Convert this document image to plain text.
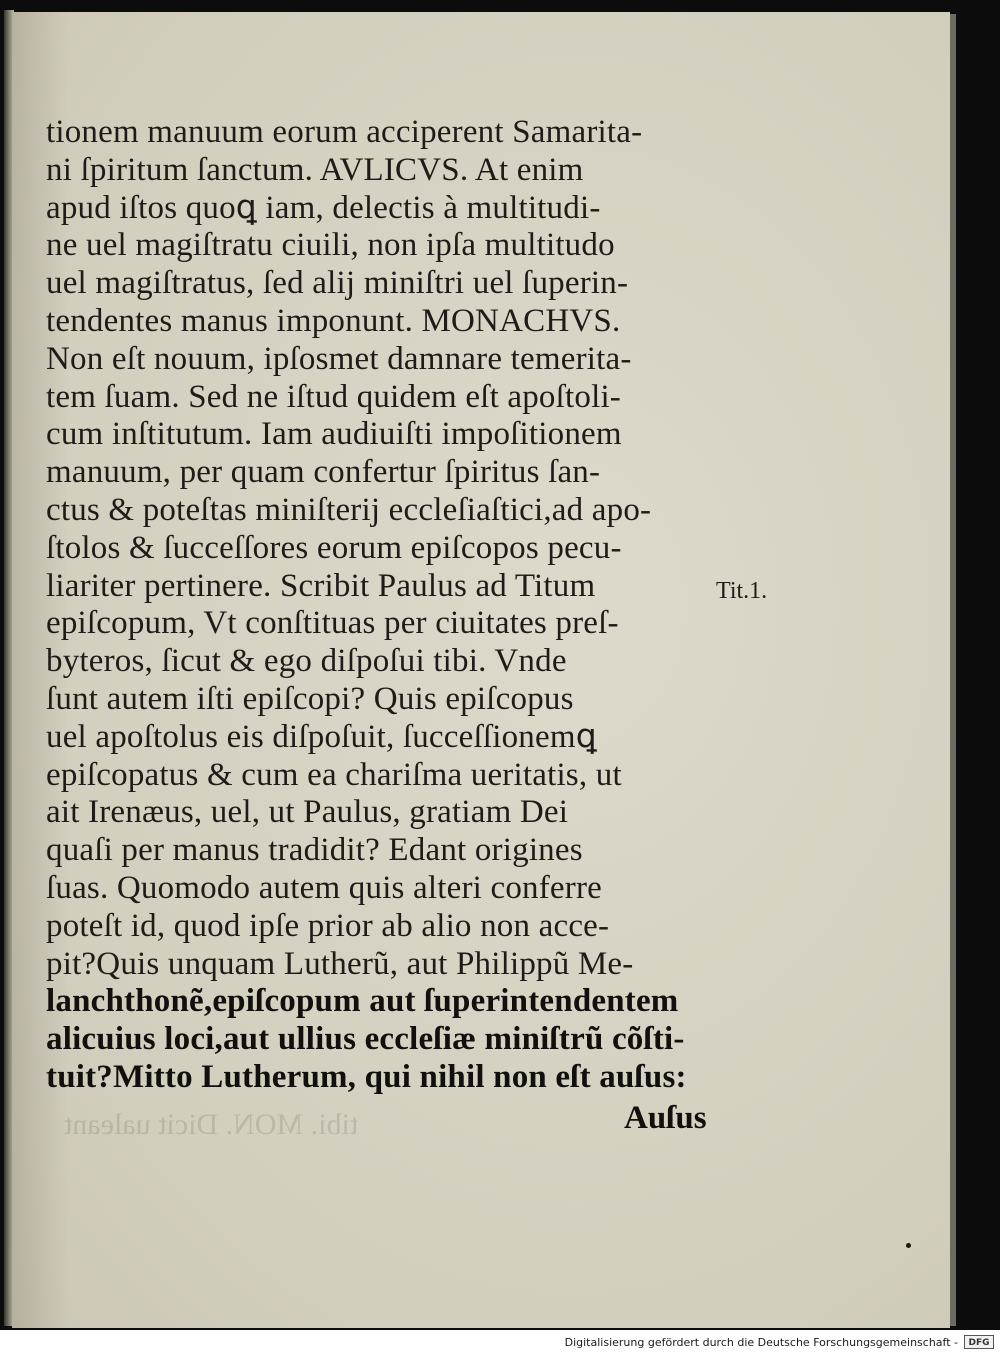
tibi. MON. Dicit ualeant
tionem manuum eorum acciperent Samarita-
ni ſpiritum ſanctum. AVLICVS. At enim
apud iſtos quoꝗ iam, delectis à multitudi-
ne uel magiſtratu ciuili, non ipſa multitudo
uel magiſtratus, ſed alij miniſtri uel ſuperin-
tendentes manus imponunt. MONACHVS.
Non eſt nouum, ipſosmet damnare temerita-
tem ſuam. Sed ne iſtud quidem eſt apoſtoli-
cum inſtitutum. Iam audiuiſti impoſitionem
manuum, per quam confertur ſpiritus ſan-
ctus & poteſtas miniſterij eccleſiaſtici,ad apo-
ſtolos & ſucceſſores eorum epiſcopos pecu-
liariter pertinere. Scribit Paulus ad Titum
epiſcopum, Vt conſtituas per ciuitates preſ-
byteros, ſicut & ego diſpoſui tibi. Vnde
ſunt autem iſti epiſcopi? Quis epiſcopus
uel apoſtolus eis diſpoſuit, ſucceſſionemꝗ
epiſcopatus & cum ea chariſma ueritatis, ut
ait Irenæus, uel, ut Paulus, gratiam Dei
quaſi per manus tradidit? Edant origines
ſuas. Quomodo autem quis alteri conferre
poteſt id, quod ipſe prior ab alio non acce-
pit?Quis unquam Lutherũ, aut Philippũ Me-
lanchthonẽ,epiſcopum aut ſuperintendentem
alicuius loci,aut ullius eccleſiæ miniſtrũ cõſti-
tuit?Mitto Lutherum, qui nihil non eſt auſus:
Tit.1.
Auſus
Digitalisierung gefördert durch die Deutsche Forschungsgemeinschaft -	DFG
